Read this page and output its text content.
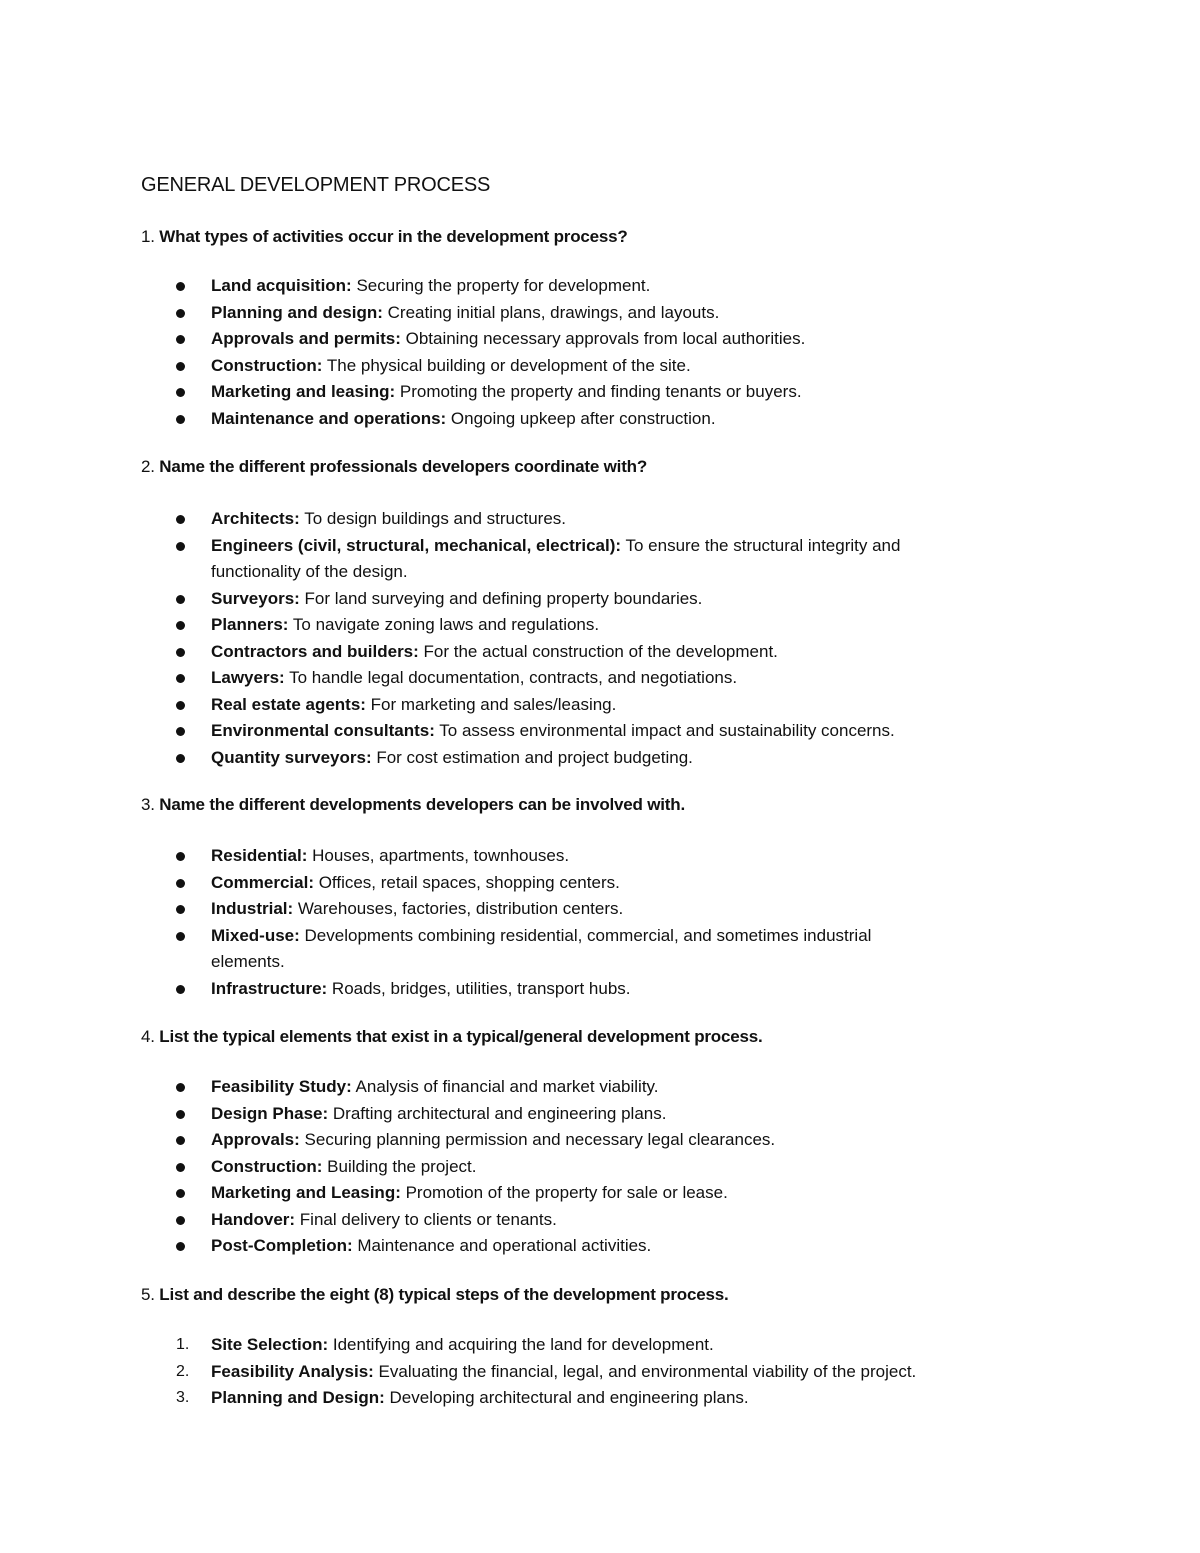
GENERAL DEVELOPMENT PROCESS
1. What types of activities occur in the development process?
Land acquisition: Securing the property for development.
Planning and design: Creating initial plans, drawings, and layouts.
Approvals and permits: Obtaining necessary approvals from local authorities.
Construction: The physical building or development of the site.
Marketing and leasing: Promoting the property and finding tenants or buyers.
Maintenance and operations: Ongoing upkeep after construction.
2. Name the different professionals developers coordinate with?
Architects: To design buildings and structures.
Engineers (civil, structural, mechanical, electrical): To ensure the structural integrity and
functionality of the design.
Surveyors: For land surveying and defining property boundaries.
Planners: To navigate zoning laws and regulations.
Contractors and builders: For the actual construction of the development.
Lawyers: To handle legal documentation, contracts, and negotiations.
Real estate agents: For marketing and sales/leasing.
Environmental consultants: To assess environmental impact and sustainability concerns.
Quantity surveyors: For cost estimation and project budgeting.
3. Name the different developments developers can be involved with.
Residential: Houses, apartments, townhouses.
Commercial: Offices, retail spaces, shopping centers.
Industrial: Warehouses, factories, distribution centers.
Mixed-use: Developments combining residential, commercial, and sometimes industrial
elements.
Infrastructure: Roads, bridges, utilities, transport hubs.
4. List the typical elements that exist in a typical/general development process.
Feasibility Study: Analysis of financial and market viability.
Design Phase: Drafting architectural and engineering plans.
Approvals: Securing planning permission and necessary legal clearances.
Construction: Building the project.
Marketing and Leasing: Promotion of the property for sale or lease.
Handover: Final delivery to clients or tenants.
Post-Completion: Maintenance and operational activities.
5. List and describe the eight (8) typical steps of the development process.
1. Site Selection: Identifying and acquiring the land for development.
2. Feasibility Analysis: Evaluating the financial, legal, and environmental viability of the project.
3. Planning and Design: Developing architectural and engineering plans.
